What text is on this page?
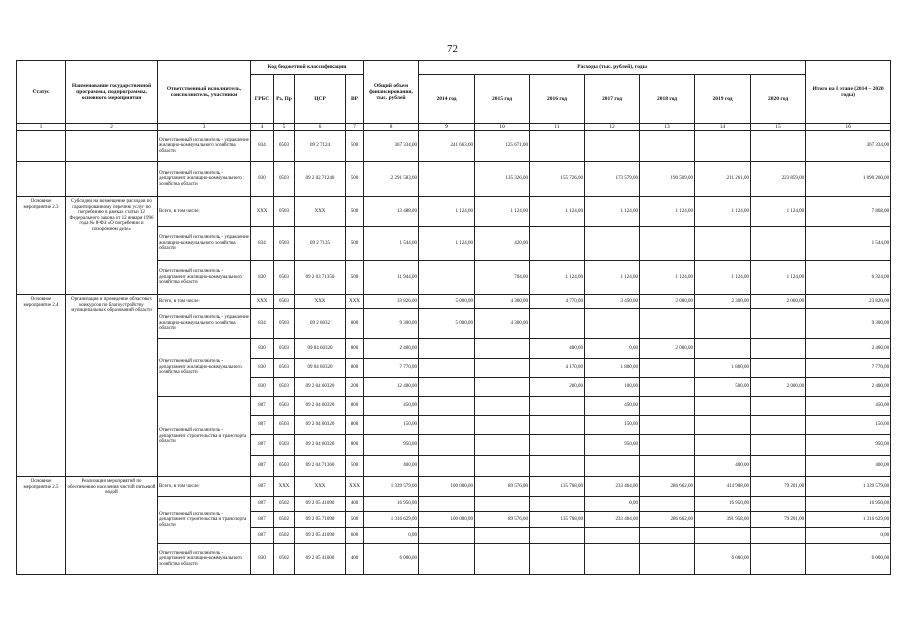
72
Статус	Наименование государственной программы, подпрограммы, основного мероприятия	Ответственный исполнитель, соисполнитель, участники	Код бюджетной классификации				Общий объем финансирования, тыс. рублей	Расходы (тыс. рублей), годы							Итого на I этапе (2014 – 2020 годы)
			ГРБС	Рз, Пр	ЦСР	ВР		2014 год	2015 год	2016 год	2017 год	2018 год	2019 год	2020 год	
1	2	3	4	5	6	7	8	9	10	11	12	13	14	15	16
		Ответственный исполнитель - управление жилищно-коммунального хозяйства области	834	0503	09 2 7124	500	367 334,00	241 663,00	125 671,00						367 334,00
		Ответственный исполнитель - департамент жилищно-коммунального хозяйства области	830	0503	09 2 02 71240	500	2 291 583,00		135 326,00	155 726,00	173 579,00	190 509,00	211 261,00	223 859,00	1 090 260,00
Основное мероприятие 2.3	Субсидии на возмещение расходов по гарантированному перечню услуг по погребению в рамках статьи 12 Федерального закона от 12 января 1996 года № 8-ФЗ «О погребении и похоронном деле»	Всего, в том числе:	ХХХ	0503	ХХХ	500	13 488,00	1 124,00	1 124,00	1 124,00	1 124,00	1 124,00	1 124,00	1 124,00	7 868,00
		Ответственный исполнитель - управление жилищно-коммунального хозяйства области	834	0503	09 2 7135	500	1 544,00	1 124,00	420,00						1 544,00
		Ответственный исполнитель - департамент жилищно-коммунального хозяйства области	830	0503	09 2 03 71350	500	11 944,00		704,00	1 124,00	1 124,00	1 124,00	1 124,00	1 124,00	6 324,00
Основное мероприятие 2.4	Организация и проведение областных конкурсов по благоустройству муниципальных образований области	Всего, в том числе:	ХХХ	0503	ХХХ	ХХХ	33 826,00	5 000,00	4 300,00	4 770,00	3 450,00	2 000,00	2 300,00	2 000,00	23 820,00
		Ответственный исполнитель - управление жилищно-коммунального хозяйства области	834	0503	09 2 6032	800	9 300,00	5 000,00	4 300,00						9 300,00
		Ответственный исполнитель - департамент жилищно-коммунального хозяйства области	830	0503	09 04 60320	800	2 400,00			400,00	0,00	2 000,00			2 400,00
			830	0503	09 04 60320	800	7 770,00			4 170,00	1 800,00		1 800,00		7 770,00
			830	0503	09 2 04 60320	200	12 400,00			200,00	100,00		500,00	2 000,00	2 400,00
		Ответственный исполнитель - департамент строительства и транспорта области	807	0503	09 2 04 60320	800	450,00				450,00				450,00
			807	0503	09 2 04 60320	800	150,00				150,00				150,00
			807	0503	09 2 04 60320	800	950,00				950,00				950,00
			807	0503	09 2 04 71360	500	400,00						400,00		400,00
Основное мероприятие 2.5	Реализация мероприятий по обеспечению населения чистой питьевой водой	Всего, в том числе:	807	ХХХ	ХХХ	ХХХ	1 339 579,00	100 000,00	89 576,00	135 768,00	233 464,00	286 662,00	414 908,00	79 201,00	1 339 579,00
		Ответственный исполнитель - департамент строительства и транспорта области	807	0502	09 2 05 41090	400	16 950,00				0,00		16 950,00		16 950,00
			807	0502	09 2 05 71090	500	1 316 629,00	100 000,00	89 576,00	135 768,00	233 464,00	286 662,00	391 958,00	79 201,00	1 316 629,00
			807	0502	09 2 05 41090	600	0,00								0,00
		Ответственный исполнитель - департамент жилищно-коммунального хозяйства области	830	0502	09 2 05 41000	400	6 000,00						6 000,00		6 000,00
